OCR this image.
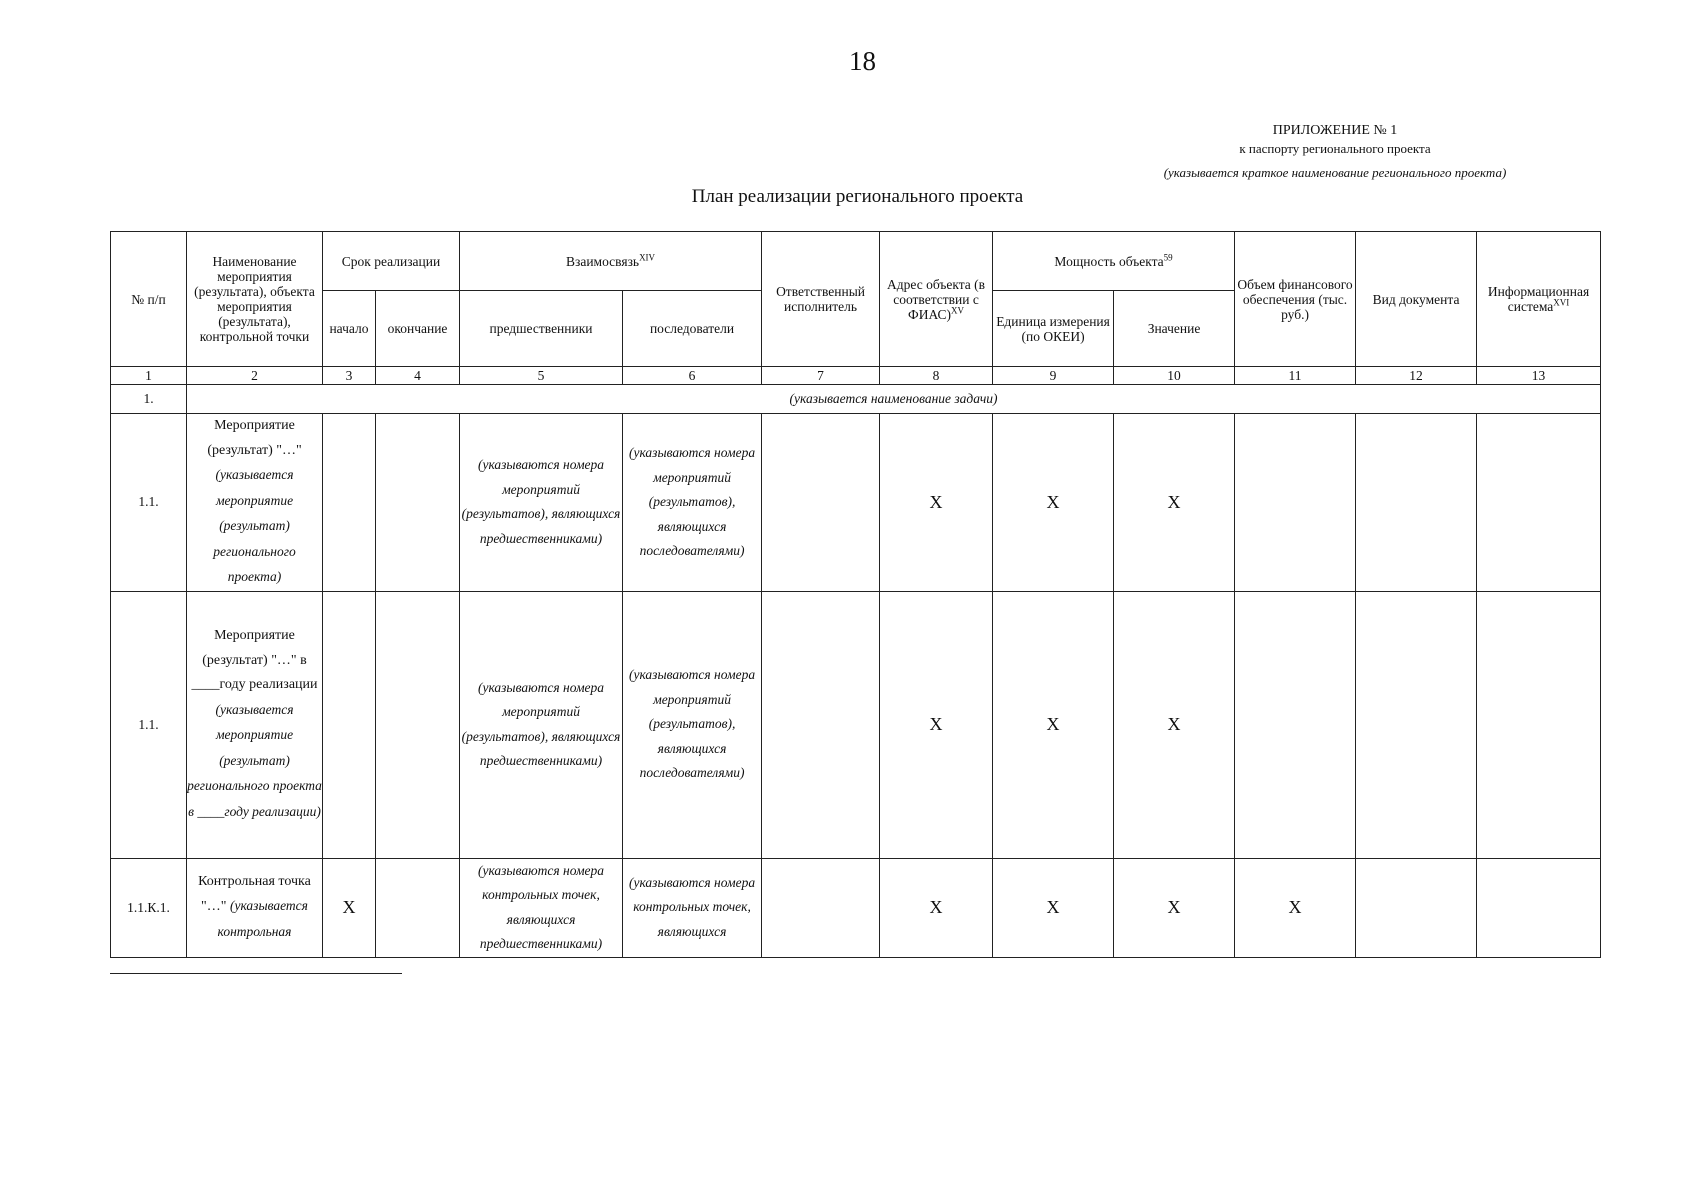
18
ПРИЛОЖЕНИЕ № 1
к паспорту регионального проекта
(указывается краткое наименование регионального проекта)
План реализации регионального проекта
№ п/п	Наименование мероприятия (результата), объекта мероприятия (результата), контрольной точки	Срок реализации		Взаимосвязь$^{XIV}$		Ответственный исполнитель	Адрес объекта (в соответствии с ФИАС)$^{XV}$	Мощность объекта$^{59}$		Объем финансового обеспечения (тыс. руб.)	Вид документа	Информационная система$^{XVI}$
		начало	окончание	предшественники	последователи			Единица измерения (по ОКЕИ)	Значение			
1	2	3	4	5	6	7	8	9	10	11	12	13
1.	(указывается наименование задачи)											
1.1.	Мероприятие (результат) "…" (указывается мероприятие (результат) регионального проекта)			(указываются номера мероприятий (результатов), являющихся предшественниками)	(указываются номера мероприятий (результатов), являющихся последователями)		X	X	X			
1.1.	Мероприятие (результат) "…" в ____году реализации (указывается мероприятие (результат) регионального проекта в ____году реализации)			(указываются номера мероприятий (результатов), являющихся предшественниками)	(указываются номера мероприятий (результатов), являющихся последователями)		X	X	X			
1.1.К.1.	Контрольная точка "…" (указывается контрольная	X		(указываются номера контрольных точек, являющихся предшественниками)	(указываются номера контрольных точек, являющихся		X	X	X	X		
